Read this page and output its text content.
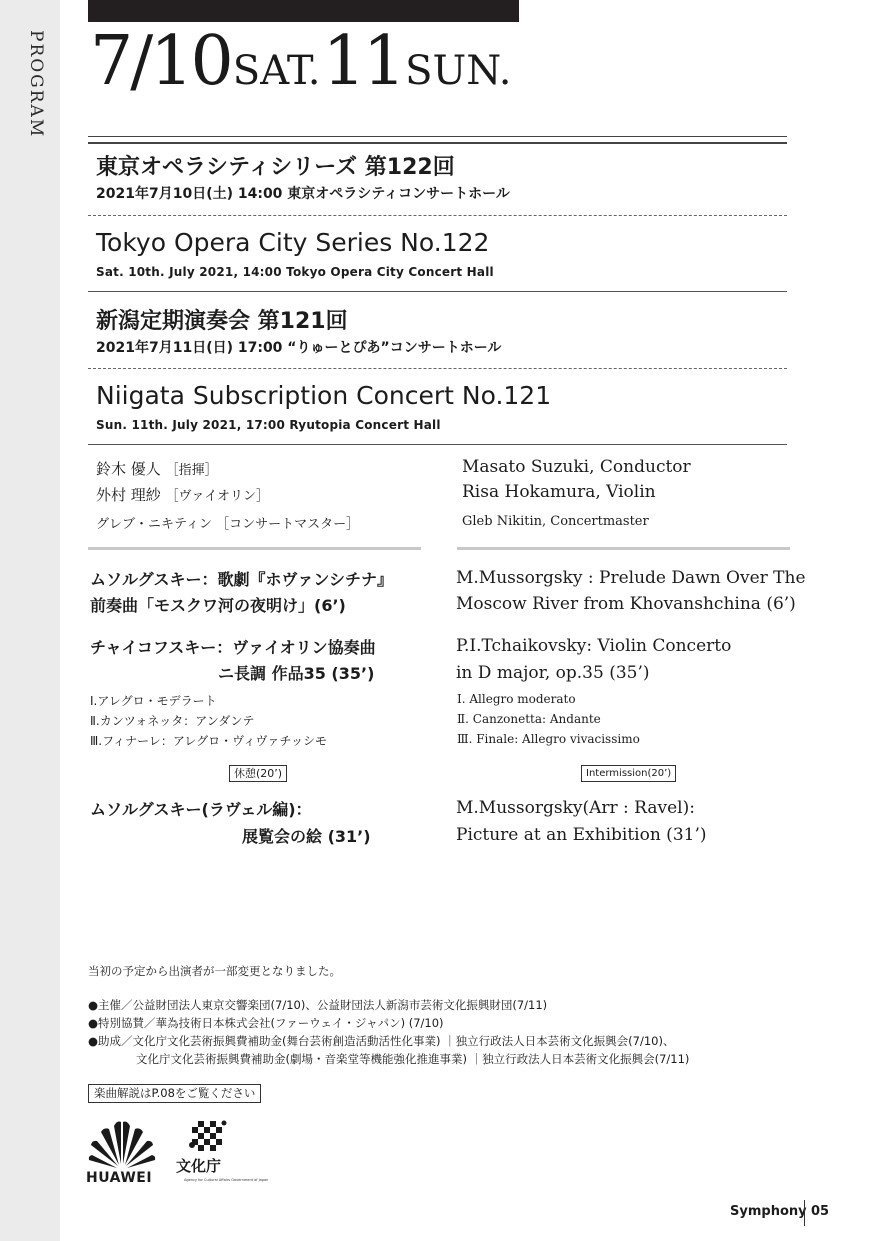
PROGRAM 7/10 SAT. 11 SUN.
東京オペラシティシリーズ 第122回
2021年7月10日(土) 14:00 東京オペラシティコンサートホール
Tokyo Opera City Series No.122
Sat. 10th. July 2021, 14:00 Tokyo Opera City Concert Hall
新潟定期演奏会 第121回
2021年7月11日(日) 17:00 “りゅーとぴあ”コンサートホール
Niigata Subscription Concert No.121
Sun. 11th. July 2021, 17:00 Ryutopia Concert Hall
鈴木 優人 ［指揮］
外村 理紗 ［ヴァイオリン］
グレブ・ニキティン ［コンサートマスター］
Masato Suzuki, Conductor
Risa Hokamura, Violin
Gleb Nikitin, Concertmaster
ムソルグスキー：歌劇『ホヴァンシチナ』
前奏曲「モスクワ河の夜明け」(6’)
チャイコフスキー：ヴァイオリン協奏曲
ニ長調 作品35 (35’)
Ⅰ.アレグロ・モデラート
Ⅱ.カンツォネッタ：アンダンテ
Ⅲ.フィナーレ：アレグロ・ヴィヴァチッシモ
休憩(20’)
ムソルグスキー(ラヴェル編)：
展覧会の絵 (31’)
M.Mussorgsky : Prelude Dawn Over The
Moscow River from Khovanshchina (6’)
P.I.Tchaikovsky: Violin Concerto
in D major, op.35 (35’)
Ⅰ. Allegro moderato
Ⅱ. Canzonetta: Andante
Ⅲ. Finale: Allegro vivacissimo
Intermission(20’)
M.Mussorgsky(Arr : Ravel):
Picture at an Exhibition (31’)
当初の予定から出演者が一部変更となりました。
●主催／公益財団法人東京交響楽団(7/10)、公益財団法人新潟市芸術文化振興財団(7/11)
●特別協賛／華為技術日本株式会社(ファーウェイ・ジャパン) (7/10)
●助成／文化庁文化芸術振興費補助金(舞台芸術創造活動活性化事業) ｜独立行政法人日本芸術文化振興会(7/10)、
文化庁文化芸術振興費補助金(劇場・音楽堂等機能強化推進事業) ｜独立行政法人日本芸術文化振興会(7/11)
楽曲解説はP.08をご覧ください
HUAWEI
文化庁
Agency for Cultural Affairs Government of Japan
Symphony 05
